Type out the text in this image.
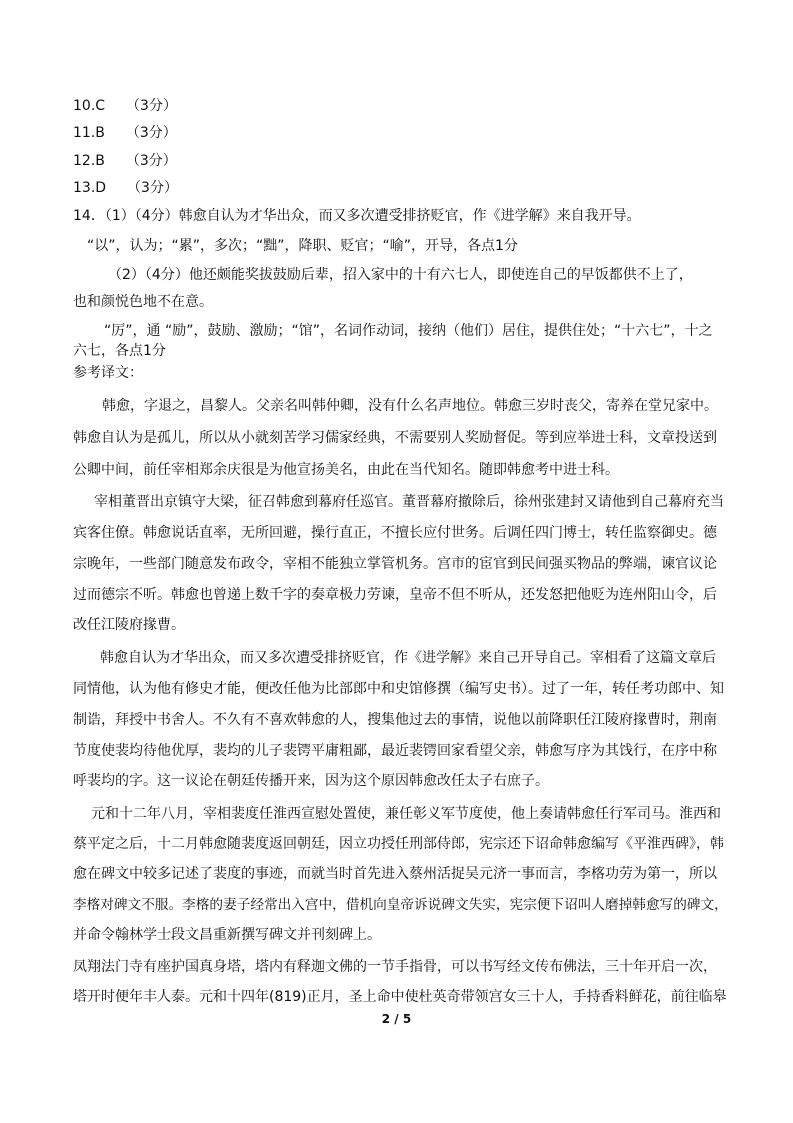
10.C　　（3分）
11.B　　（3分）
12.B　　（3分）
13.D　　（3分）
14．（1）（4分）韩愈自认为才华出众，而又多次遭受排挤贬官，作《进学解》来自我开导。
“以”，认为；“累”，多次；“黜”，降职、贬官；“喻”，开导，各点1分
（2）（4分）他还颇能奖拔鼓励后辈，招入家中的十有六七人，即使连自己的早饭都供不上了，
也和颜悦色地不在意。
“厉”，通 “励”，鼓励、激励；“馆”，名词作动词，接纳（他们）居住，提供住处；“十六七”，十之
六七，各点1分
参考译文：
韩愈，字退之，昌黎人。父亲名叫韩仲卿，没有什么名声地位。韩愈三岁时丧父，寄养在堂兄家中。
韩愈自认为是孤儿，所以从小就刻苦学习儒家经典，不需要别人奖励督促。等到应举进士科，文章投送到
公卿中间，前任宰相郑余庆很是为他宣扬美名，由此在当代知名。随即韩愈考中进士科。
宰相董晋出京镇守大梁，征召韩愈到幕府任巡官。董晋幕府撤除后，徐州张建封又请他到自己幕府充当
宾客住僚。韩愈说话直率，无所回避，操行直正，不擅长应付世务。后调任四门博士，转任监察御史。德
宗晚年，一些部门随意发布政令，宰相不能独立掌管机务。宫市的宦官到民间强买物品的弊端，谏官议论
过而德宗不听。韩愈也曾递上数千字的奏章极力劳谏，皇帝不但不听从，还发怒把他贬为连州阳山令，后
改任江陵府掾曹。
韩愈自认为才华出众，而又多次遭受排挤贬官，作《进学解》来自己开导自己。宰相看了这篇文章后
同情他，认为他有修史才能，便改任他为比部郎中和史馆修撰（编写史书）。过了一年，转任考功郎中、知
制诰，拜授中书舍人。不久有不喜欢韩愈的人，搜集他过去的事情，说他以前降职任江陵府掾曹时，荆南
节度使裴均待他优厚，裴均的儿子裴锷平庸粗鄙，最近裴锷回家看望父亲，韩愈写序为其饯行，在序中称
呼裴均的字。这一议论在朝廷传播开来，因为这个原因韩愈改任太子右庶子。
元和十二年八月，宰相裴度任淮西宣慰处置使，兼任彰义军节度使，他上奏请韩愈任行军司马。淮西和
蔡平定之后，十二月韩愈随裴度返回朝廷，因立功授任刑部侍郎，宪宗还下诏命韩愈编写《平淮西碑》，韩
愈在碑文中较多记述了裴度的事迹，而就当时首先进入蔡州活捉吴元济一事而言，李楁功劳为第一，所以
李楁对碑文不服。李楁的妻子经常出入宫中，借机向皇帝诉说碑文失实，宪宗便下诏叫人磨掉韩愈写的碑文，
并命令翰林学士段文昌重新撰写碑文并刊刻碑上。
凤翔法门寺有座护国真身塔，塔内有释迦文佛的一节手指骨，可以书写经文传布佛法，三十年开启一次，
塔开时便年丰人泰。元和十四年(819)正月，圣上命中使杜英奇带领宫女三十人，手持香料鲜花，前往临皋
2 / 5
